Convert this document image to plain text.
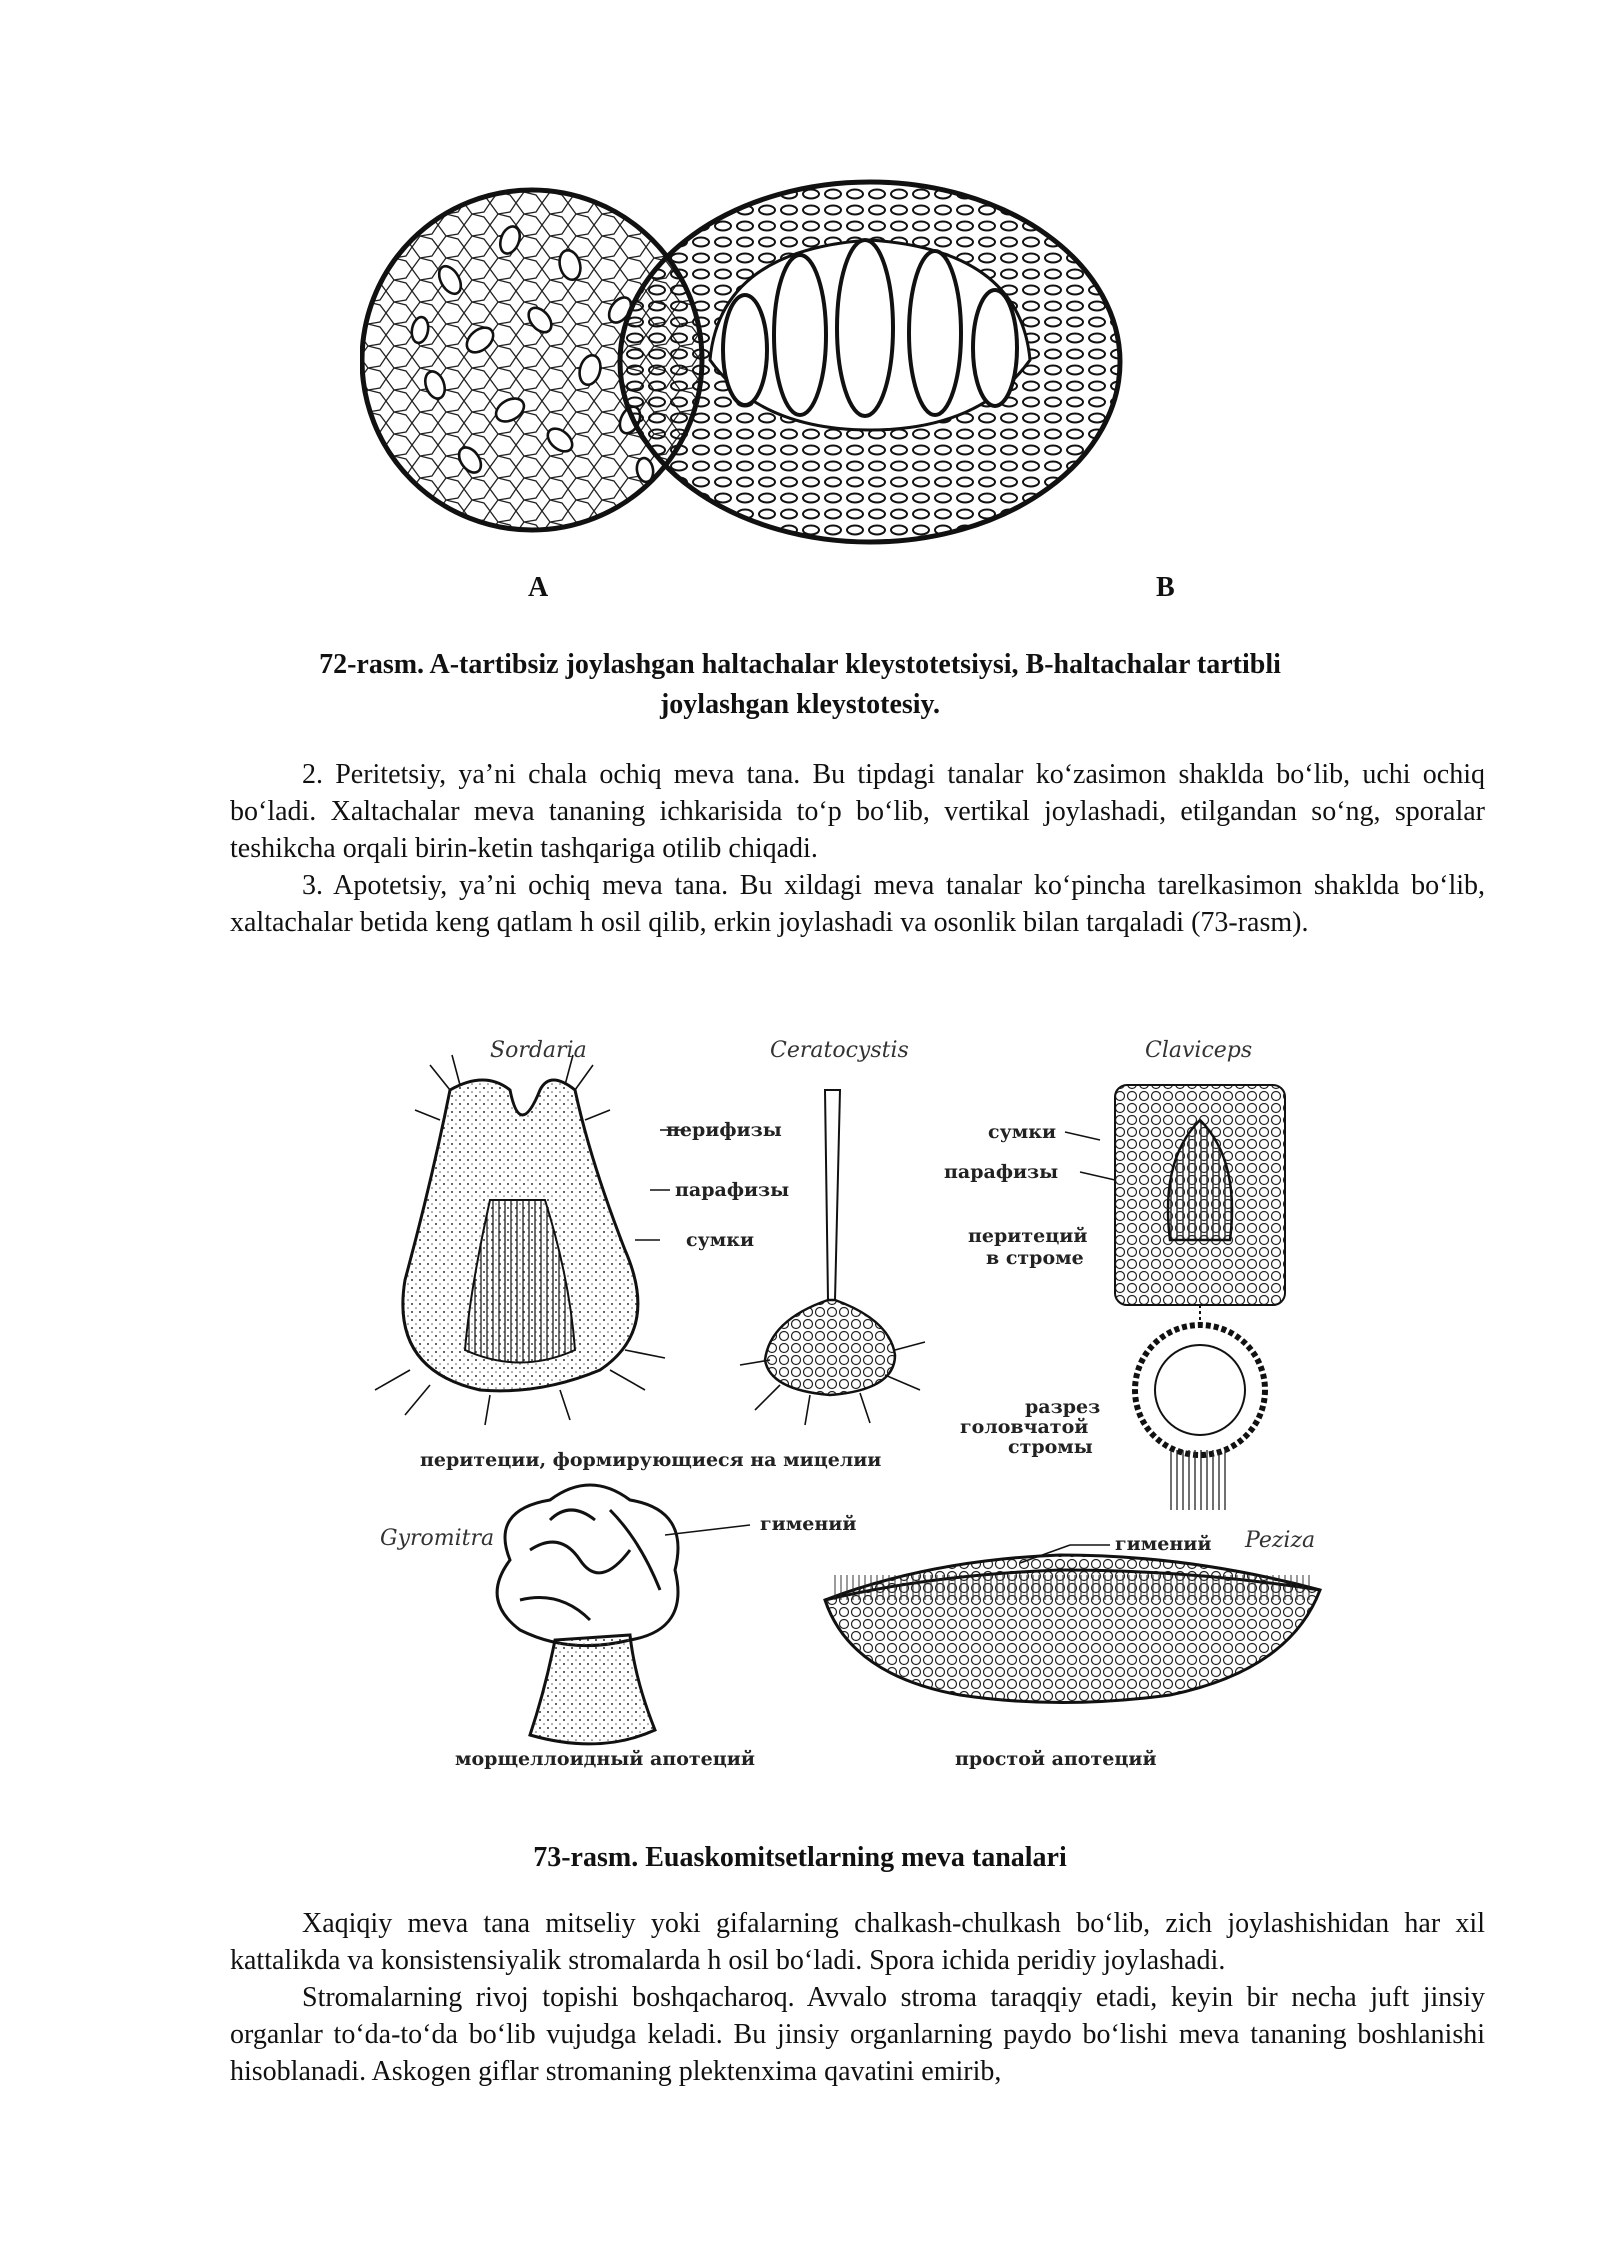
A	B
72-rasm. A-tartibsiz joylashgan haltachalar kleystotetsiysi, B-haltachalar tartibli
joylashgan kleystotesiy.
2. Peritetsiy, ya’ni chala ochiq meva tana. Bu tipdagi tanalar ko‘zasimon shaklda bo‘lib, uchi ochiq bo‘ladi. Xaltachalar meva tananing ichkarisida to‘p bo‘lib, vertikal joylashadi, etilgandan so‘ng, sporalar teshikcha orqali birin-ketin tashqariga otilib chiqadi.
3. Apotetsiy, ya’ni ochiq meva tana. Bu xildagi meva tanalar ko‘pincha tarelkasimon shaklda bo‘lib, xaltachalar betida keng qatlam h osil qilib, erkin joylashadi va osonlik bilan tarqaladi (73-rasm).
Sordaria
перифизы
парафизы
сумки
Ceratocystis	Claviceps
сумки
парафизы
перитеций
в строме
разрез
головчатой
стромы
перитеции, формирующиеся на мицелии
Gyromitra
гимений
морщеллоидный апотеций
гимений Peziza
простой апотеций
73-rasm. Euaskomitsetlarning meva tanalari
Xaqiqiy meva tana mitseliy yoki gifalarning chalkash-chulkash bo‘lib, zich joylashishidan har xil kattalikda va konsistensiyalik stromalarda h osil bo‘ladi. Spora ichida peridiy joylashadi.
Stromalarning rivoj topishi boshqacharoq. Avvalo stroma taraqqiy etadi, keyin bir necha juft jinsiy organlar to‘da-to‘da bo‘lib vujudga keladi. Bu jinsiy organlarning paydo bo‘lishi meva tananing boshlanishi hisoblanadi. Askogen giflar stromaning plektenxima qavatini emirib,
